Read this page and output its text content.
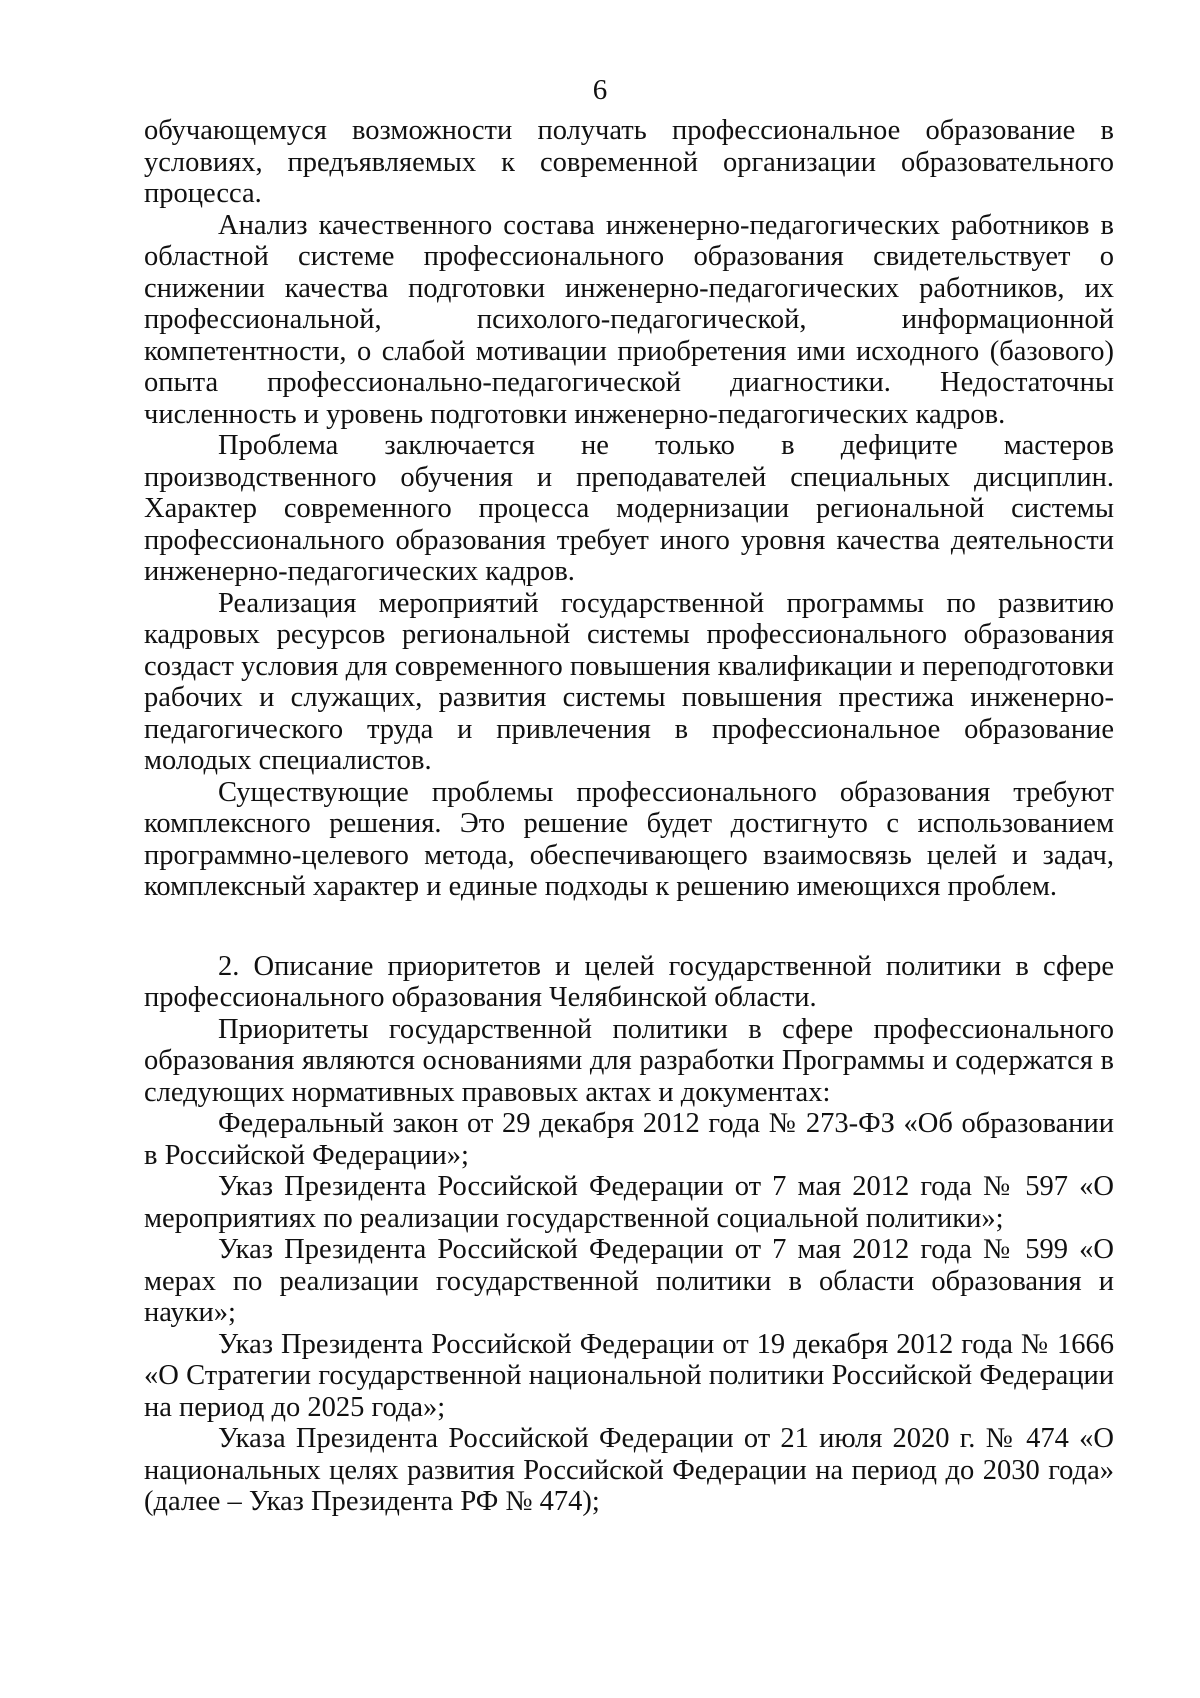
6

обучающемуся возможности получать профессиональное образование в условиях, предъявляемых к современной организации образовательного процесса.

Анализ качественного состава инженерно-педагогических работников в областной системе профессионального образования свидетельствует о снижении качества подготовки инженерно-педагогических работников, их профессиональной, психолого-педагогической, информационной компетентности, о слабой мотивации приобретения ими исходного (базового) опыта профессионально-педагогической диагностики. Недостаточны численность и уровень подготовки инженерно-педагогических кадров.

Проблема заключается не только в дефиците мастеров производственного обучения и преподавателей специальных дисциплин. Характер современного процесса модернизации региональной системы профессионального образования требует иного уровня качества деятельности инженерно-педагогических кадров.

Реализация мероприятий государственной программы по развитию кадровых ресурсов региональной системы профессионального образования создаст условия для современного повышения квалификации и переподготовки рабочих и служащих, развития системы повышения престижа инженерно-педагогического труда и привлечения в профессиональное образование молодых специалистов.

Существующие проблемы профессионального образования требуют комплексного решения. Это решение будет достигнуто с использованием программно-целевого метода, обеспечивающего взаимосвязь целей и задач, комплексный характер и единые подходы к решению имеющихся проблем.

2. Описание приоритетов и целей государственной политики в сфере профессионального образования Челябинской области.

Приоритеты государственной политики в сфере профессионального образования являются основаниями для разработки Программы и содержатся в следующих нормативных правовых актах и документах:

Федеральный закон от 29 декабря 2012 года № 273-ФЗ «Об образовании в Российской Федерации»;

Указ Президента Российской Федерации от 7 мая 2012 года № 597 «О мероприятиях по реализации государственной социальной политики»;

Указ Президента Российской Федерации от 7 мая 2012 года № 599 «О мерах по реализации государственной политики в области образования и науки»;

Указ Президента Российской Федерации от 19 декабря 2012 года № 1666 «О Стратегии государственной национальной политики Российской Федерации на период до 2025 года»;

Указа Президента Российской Федерации от 21 июля 2020 г. № 474 «О национальных целях развития Российской Федерации на период до 2030 года» (далее – Указ Президента РФ № 474);
